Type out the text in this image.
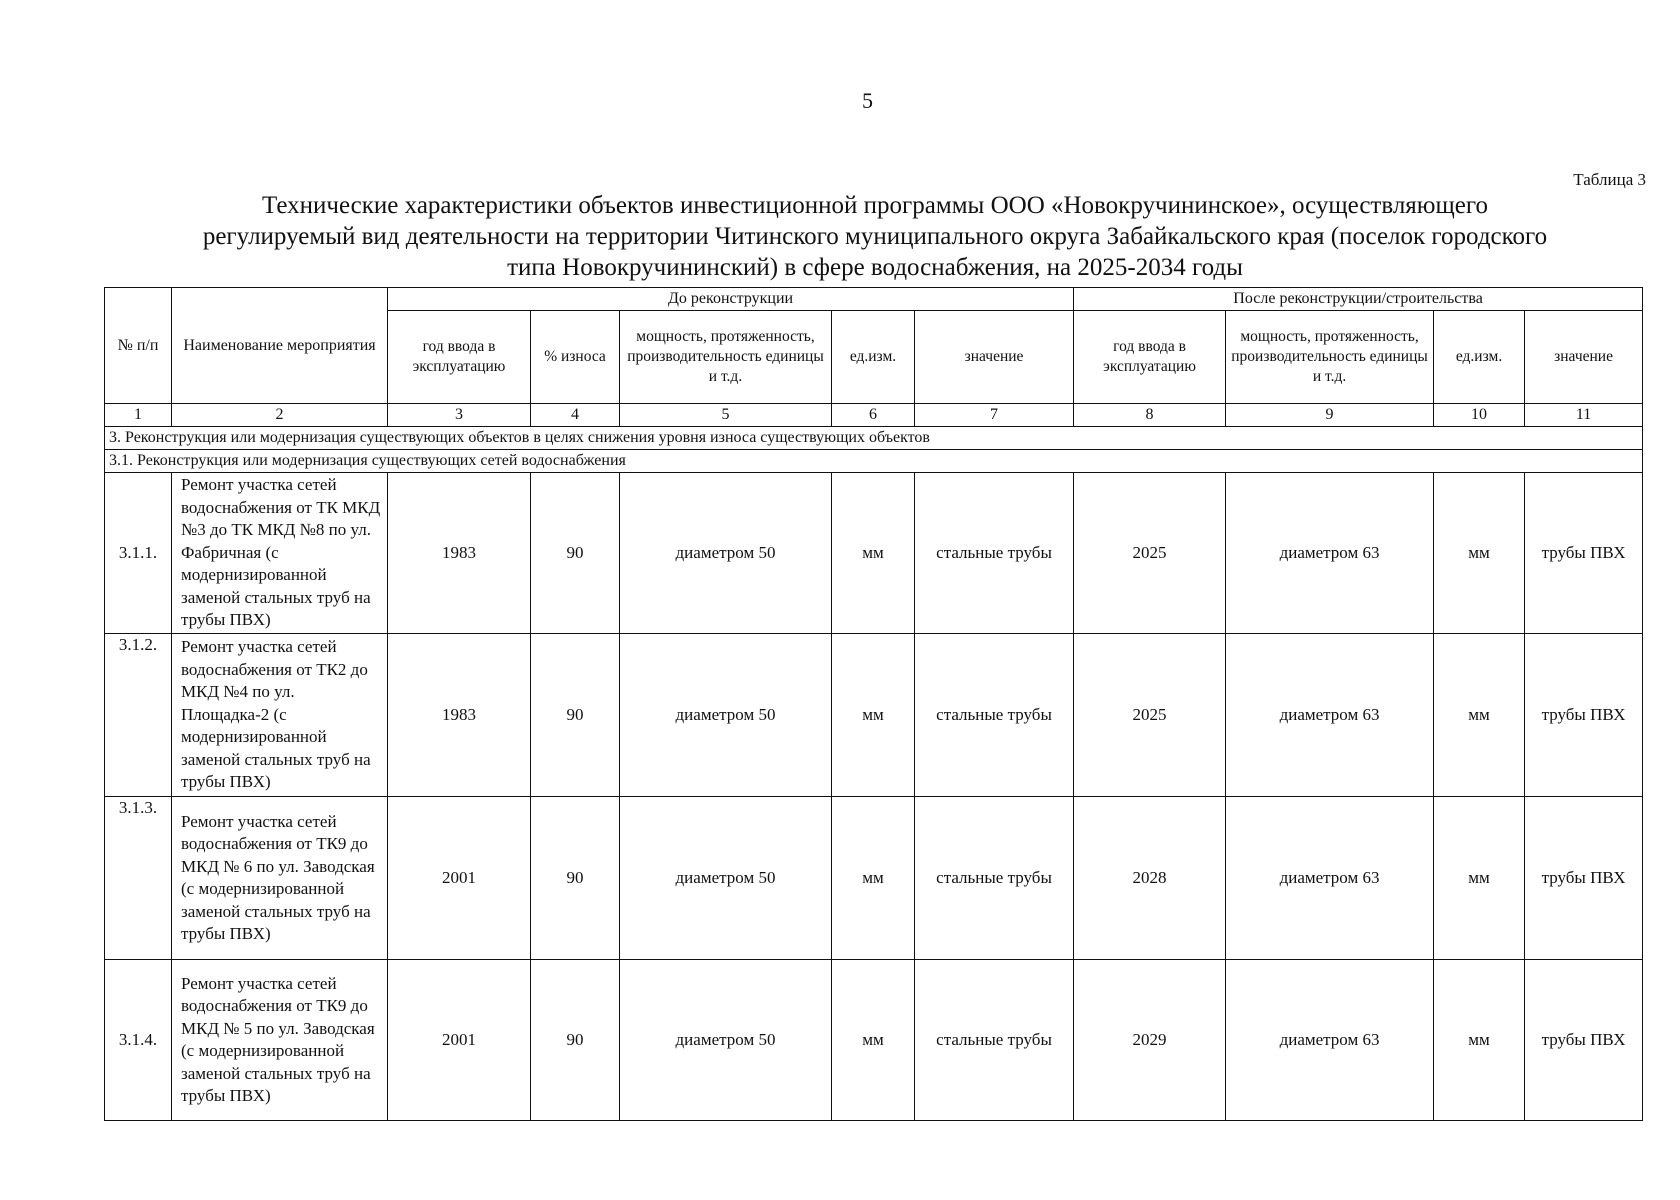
5
Таблица 3
Технические характеристики объектов инвестиционной программы ООО «Новокручининское», осуществляющего
регулируемый вид деятельности на территории Читинского муниципального округа Забайкальского края (поселок городского
типа Новокручининский) в сфере водоснабжения, на 2025-2034 годы
№ п/п	Наименование мероприятия	До реконструкции					После реконструкции/строительства			
		год ввода в эксплуатацию	% износа	мощность, протяженность, производительность единицы и т.д.	ед.изм.	значение	год ввода в эксплуатацию	мощность, протяженность, производительность единицы и т.д.	ед.изм.	значение
1	2	3	4	5	6	7	8	9	10	11
3. Реконструкция или модернизация существующих объектов в целях снижения уровня износа существующих объектов										
3.1. Реконструкция или модернизация существующих сетей водоснабжения										
3.1.1.	Ремонт участка сетей водоснабжения от ТК МКД №3 до ТК МКД №8 по ул. Фабричная (с модернизированной заменой стальных труб на трубы ПВХ)	1983	90	диаметром 50	мм	стальные трубы	2025	диаметром 63	мм	трубы ПВХ
3.1.2.	Ремонт участка сетей водоснабжения от ТК2 до МКД №4 по ул. Площадка-2 (с модернизированной заменой стальных труб на трубы ПВХ)	1983	90	диаметром 50	мм	стальные трубы	2025	диаметром 63	мм	трубы ПВХ
3.1.3.	Ремонт участка сетей водоснабжения от ТК9 до МКД № 6 по ул. Заводская (с модернизированной заменой стальных труб на трубы ПВХ)	2001	90	диаметром 50	мм	стальные трубы	2028	диаметром 63	мм	трубы ПВХ
3.1.4.	Ремонт участка сетей водоснабжения от ТК9 до МКД № 5 по ул. Заводская (с модернизированной заменой стальных труб на трубы ПВХ)	2001	90	диаметром 50	мм	стальные трубы	2029	диаметром 63	мм	трубы ПВХ
